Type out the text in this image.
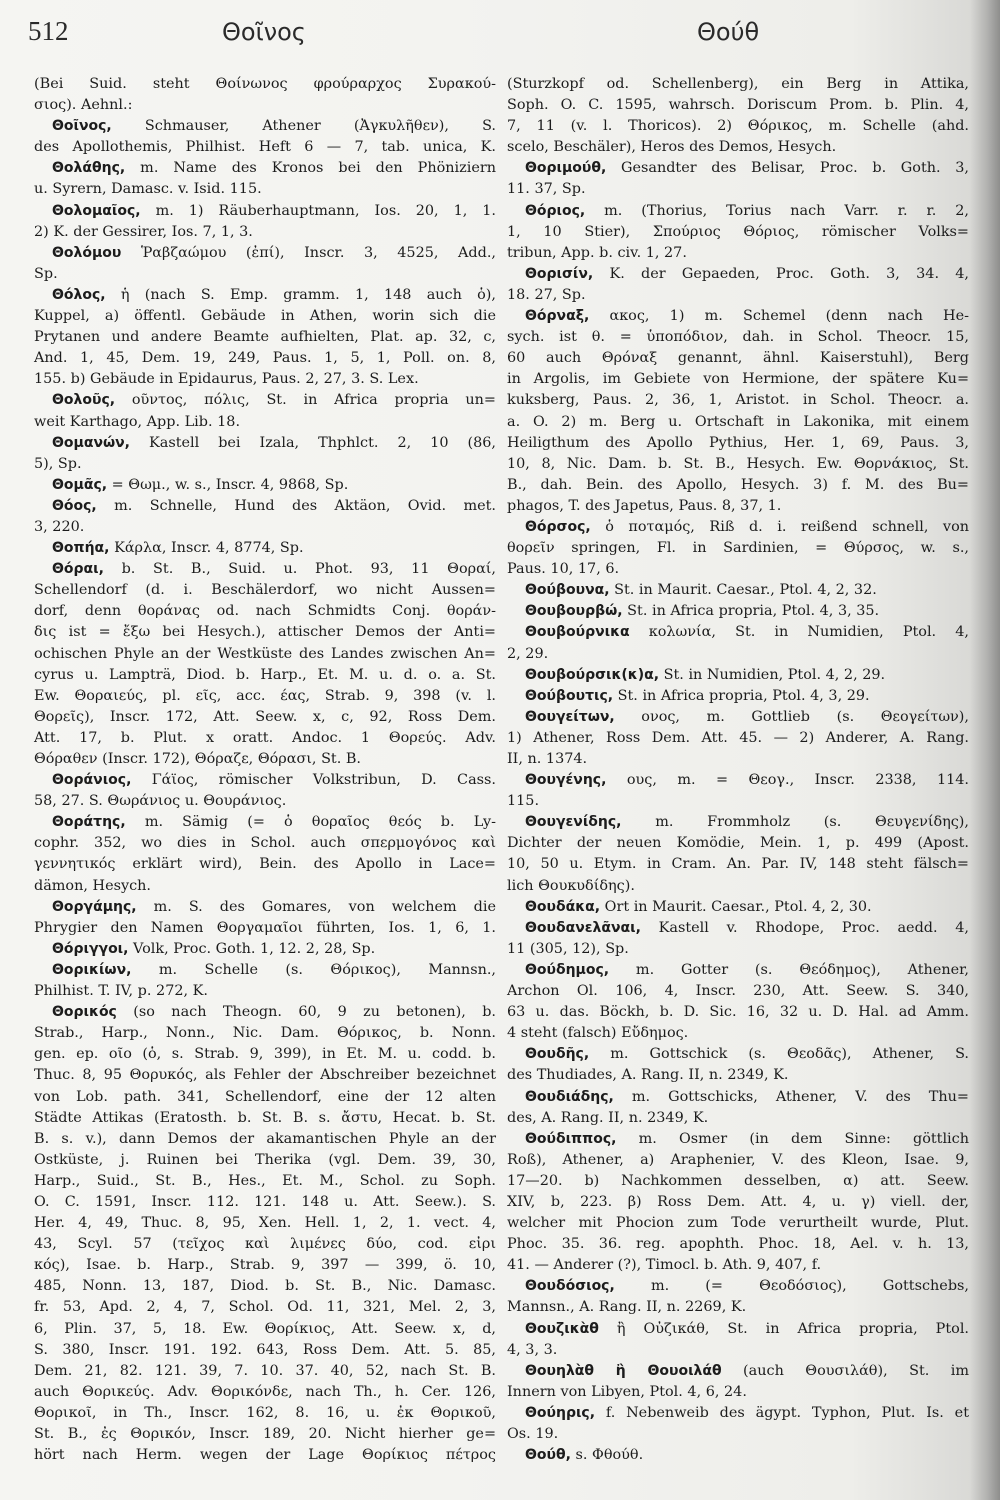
512	Θοῖνος	Θούθ
(Bei Suid. steht Θοίνωνος φρούραρχος Συρακού-
σιος). Aehnl.:
Θοῖνος, Schmauser, Athener (Ἀγκυλῆθεν), S.
des Apollothemis, Philhist. Heft 6 — 7, tab. unica, K.
Θολάθης, m. Name des Kronos bei den Phöniziern
u. Syrern, Damasc. v. Isid. 115.
Θολομαῖος, m. 1) Räuberhauptmann, Ios. 20, 1, 1.
2) K. der Gessirer, Ios. 7, 1, 3.
Θολόμου Ῥαβζαώμου (ἐπί), Inscr. 3, 4525, Add.,
Sp.
Θόλος, ἡ (nach S. Emp. gramm. 1, 148 auch ὁ),
Kuppel, a) öffentl. Gebäude in Athen, worin sich die
Prytanen und andere Beamte aufhielten, Plat. ap. 32, c,
And. 1, 45, Dem. 19, 249, Paus. 1, 5, 1, Poll. on. 8,
155. b) Gebäude in Epidaurus, Paus. 2, 27, 3. S. Lex.
Θολοῦς, οῦντος, πόλις, St. in Africa propria un=
weit Karthago, App. Lib. 18.
Θομανών, Kastell bei Izala, Thphlct. 2, 10 (86,
5), Sp.
Θομᾶς, = Θωμ., w. s., Inscr. 4, 9868, Sp.
Θόος, m. Schnelle, Hund des Aktäon, Ovid. met.
3, 220.
Θοπήα, Κάρλα, Inscr. 4, 8774, Sp.
Θόραι, b. St. B., Suid. u. Phot. 93, 11 Θοραί,
Schellendorf (d. i. Beschälerdorf, wo nicht Aussen=
dorf, denn θοράνας od. nach Schmidts Conj. θοράν-
δις ist = ἔξω bei Hesych.), attischer Demos der Anti=
ochischen Phyle an der Westküste des Landes zwischen An=
cyrus u. Lampträ, Diod. b. Harp., Et. M. u. d. o. a. St.
Ew. Θοραιεύς, pl. εῖς, acc. έας, Strab. 9, 398 (v. l.
Θορεῖς), Inscr. 172, Att. Seew. x, c, 92, Ross Dem.
Att. 17, b. Plut. x oratt. Andoc. 1 Θορεύς. Adv.
Θόραθεν (Inscr. 172), Θόραζε, Θόρασι, St. B.
Θοράνιος, Γάϊος, römischer Volkstribun, D. Cass.
58, 27. S. Θωράνιος u. Θουράνιος.
Θοράτης, m. Sämig (= ὁ θοραῖος θεός b. Ly-
cophr. 352, wo dies in Schol. auch σπερμογόνος καὶ
γεννητικός erklärt wird), Bein. des Apollo in Lace=
dämon, Hesych.
Θοργάμης, m. S. des Gomares, von welchem die
Phrygier den Namen Θοργαμαῖοι führten, Ios. 1, 6, 1.
Θόριγγοι, Volk, Proc. Goth. 1, 12. 2, 28, Sp.
Θορικίων, m. Schelle (s. Θόρικος), Mannsn.,
Philhist. T. IV, p. 272, K.
Θορικός (so nach Theogn. 60, 9 zu betonen), b.
Strab., Harp., Nonn., Nic. Dam. Θόρικος, b. Nonn.
gen. ep. οῖο (ὁ, s. Strab. 9, 399), in Et. M. u. codd. b.
Thuc. 8, 95 Θορυκός, als Fehler der Abschreiber bezeichnet
von Lob. path. 341, Schellendorf, eine der 12 alten
Städte Attikas (Eratosth. b. St. B. s. ἄστυ, Hecat. b. St.
B. s. v.), dann Demos der akamantischen Phyle an der
Ostküste, j. Ruinen bei Therika (vgl. Dem. 39, 30,
Harp., Suid., St. B., Hes., Et. M., Schol. zu Soph.
O. C. 1591, Inscr. 112. 121. 148 u. Att. Seew.). S.
Her. 4, 49, Thuc. 8, 95, Xen. Hell. 1, 2, 1. vect. 4,
43, Scyl. 57 (τεῖχος καὶ λιμένες δύο, cod. εἰρι
κός), Isae. b. Harp., Strab. 9, 397 — 399, ö. 10,
485, Nonn. 13, 187, Diod. b. St. B., Nic. Damasc.
fr. 53, Apd. 2, 4, 7, Schol. Od. 11, 321, Mel. 2, 3,
6, Plin. 37, 5, 18. Ew. Θορίκιος, Att. Seew. x, d,
S. 380, Inscr. 191. 192. 643, Ross Dem. Att. 5. 85,
Dem. 21, 82. 121. 39, 7. 10. 37. 40, 52, nach St. B.
auch Θορικεύς. Adv. Θορικόνδε, nach Th., h. Cer. 126,
Θορικοῖ, in Th., Inscr. 162, 8. 16, u. ἐκ Θορικοῦ,
St. B., ἐς Θορικόν, Inscr. 189, 20. Nicht hierher ge=
hört nach Herm. wegen der Lage Θορίκιος πέτρος
(Sturzkopf od. Schellenberg), ein Berg in Attika,
Soph. O. C. 1595, wahrsch. Doriscum Prom. b. Plin. 4,
7, 11 (v. l. Thoricos). 2) Θόρικος, m. Schelle (ahd.
scelo, Beschäler), Heros des Demos, Hesych.
Θοριμούθ, Gesandter des Belisar, Proc. b. Goth. 3,
11. 37, Sp.
Θόριος, m. (Thorius, Torius nach Varr. r. r. 2,
1, 10 Stier), Σπούριος Θόριος, römischer Volks=
tribun, App. b. civ. 1, 27.
Θορισίν, K. der Gepaeden, Proc. Goth. 3, 34. 4,
18. 27, Sp.
Θόρναξ, ακος, 1) m. Schemel (denn nach He-
sych. ist θ. = ὑποπόδιον, dah. in Schol. Theocr. 15,
60 auch Θρόναξ genannt, ähnl. Kaiserstuhl), Berg
in Argolis, im Gebiete von Hermione, der spätere Ku=
kuksberg, Paus. 2, 36, 1, Aristot. in Schol. Theocr. a.
a. O. 2) m. Berg u. Ortschaft in Lakonika, mit einem
Heiligthum des Apollo Pythius, Her. 1, 69, Paus. 3,
10, 8, Nic. Dam. b. St. B., Hesych. Ew. Θορνάκιος, St.
B., dah. Bein. des Apollo, Hesych. 3) f. M. des Bu=
phagos, T. des Japetus, Paus. 8, 37, 1.
Θόρσος, ὁ ποταμός, Riß d. i. reißend schnell, von
θορεῖν springen, Fl. in Sardinien, = Θύρσος, w. s.,
Paus. 10, 17, 6.
Θούβουνα, St. in Maurit. Caesar., Ptol. 4, 2, 32.
Θουβουρβώ, St. in Africa propria, Ptol. 4, 3, 35.
Θουβούρνικα κολωνία, St. in Numidien, Ptol. 4,
2, 29.
Θουβούρσικ(κ)α, St. in Numidien, Ptol. 4, 2, 29.
Θούβουτις, St. in Africa propria, Ptol. 4, 3, 29.
Θουγείτων, ονος, m. Gottlieb (s. Θεογείτων),
1) Athener, Ross Dem. Att. 45. — 2) Anderer, A. Rang.
II, n. 1374.
Θουγένης, ους, m. = Θεογ., Inscr. 2338, 114.
115.
Θουγενίδης, m. Frommholz (s. Θευγενίδης),
Dichter der neuen Komödie, Mein. 1, p. 499 (Apost.
10, 50 u. Etym. in Cram. An. Par. IV, 148 steht fälsch=
lich Θουκυδίδης).
Θουδάκα, Ort in Maurit. Caesar., Ptol. 4, 2, 30.
Θουδανελᾶναι, Kastell v. Rhodope, Proc. aedd. 4,
11 (305, 12), Sp.
Θούδημος, m. Gotter (s. Θεόδημος), Athener,
Archon Ol. 106, 4, Inscr. 230, Att. Seew. S. 340,
63 u. das. Böckh, b. D. Sic. 16, 32 u. D. Hal. ad Amm.
4 steht (falsch) Εὔδημος.
Θουδῆς, m. Gottschick (s. Θεοδᾶς), Athener, S.
des Thudiades, A. Rang. II, n. 2349, K.
Θουδιάδης, m. Gottschicks, Athener, V. des Thu=
des, A. Rang. II, n. 2349, K.
Θούδιππος, m. Osmer (in dem Sinne: göttlich
Roß), Athener, a) Araphenier, V. des Kleon, Isae. 9,
17—20. b) Nachkommen desselben, α) att. Seew.
XIV, b, 223. β) Ross Dem. Att. 4, u. γ) viell. der,
welcher mit Phocion zum Tode verurtheilt wurde, Plut.
Phoc. 35. 36. reg. apophth. Phoc. 18, Ael. v. h. 13,
41. — Anderer (?), Timocl. b. Ath. 9, 407, f.
Θουδόσιος, m. (= Θεοδόσιος), Gottschebs,
Mannsn., A. Rang. II, n. 2269, K.
Θουζικὰθ ἢ Οὐζικάθ, St. in Africa propria, Ptol.
4, 3, 3.
Θουηλὰθ ἢ Θουοιλάθ (auch Θουσιλάθ), St. im
Innern von Libyen, Ptol. 4, 6, 24.
Θούηρις, f. Nebenweib des ägypt. Typhon, Plut. Is. et
Os. 19.
Θούθ, s. Φθούθ.
